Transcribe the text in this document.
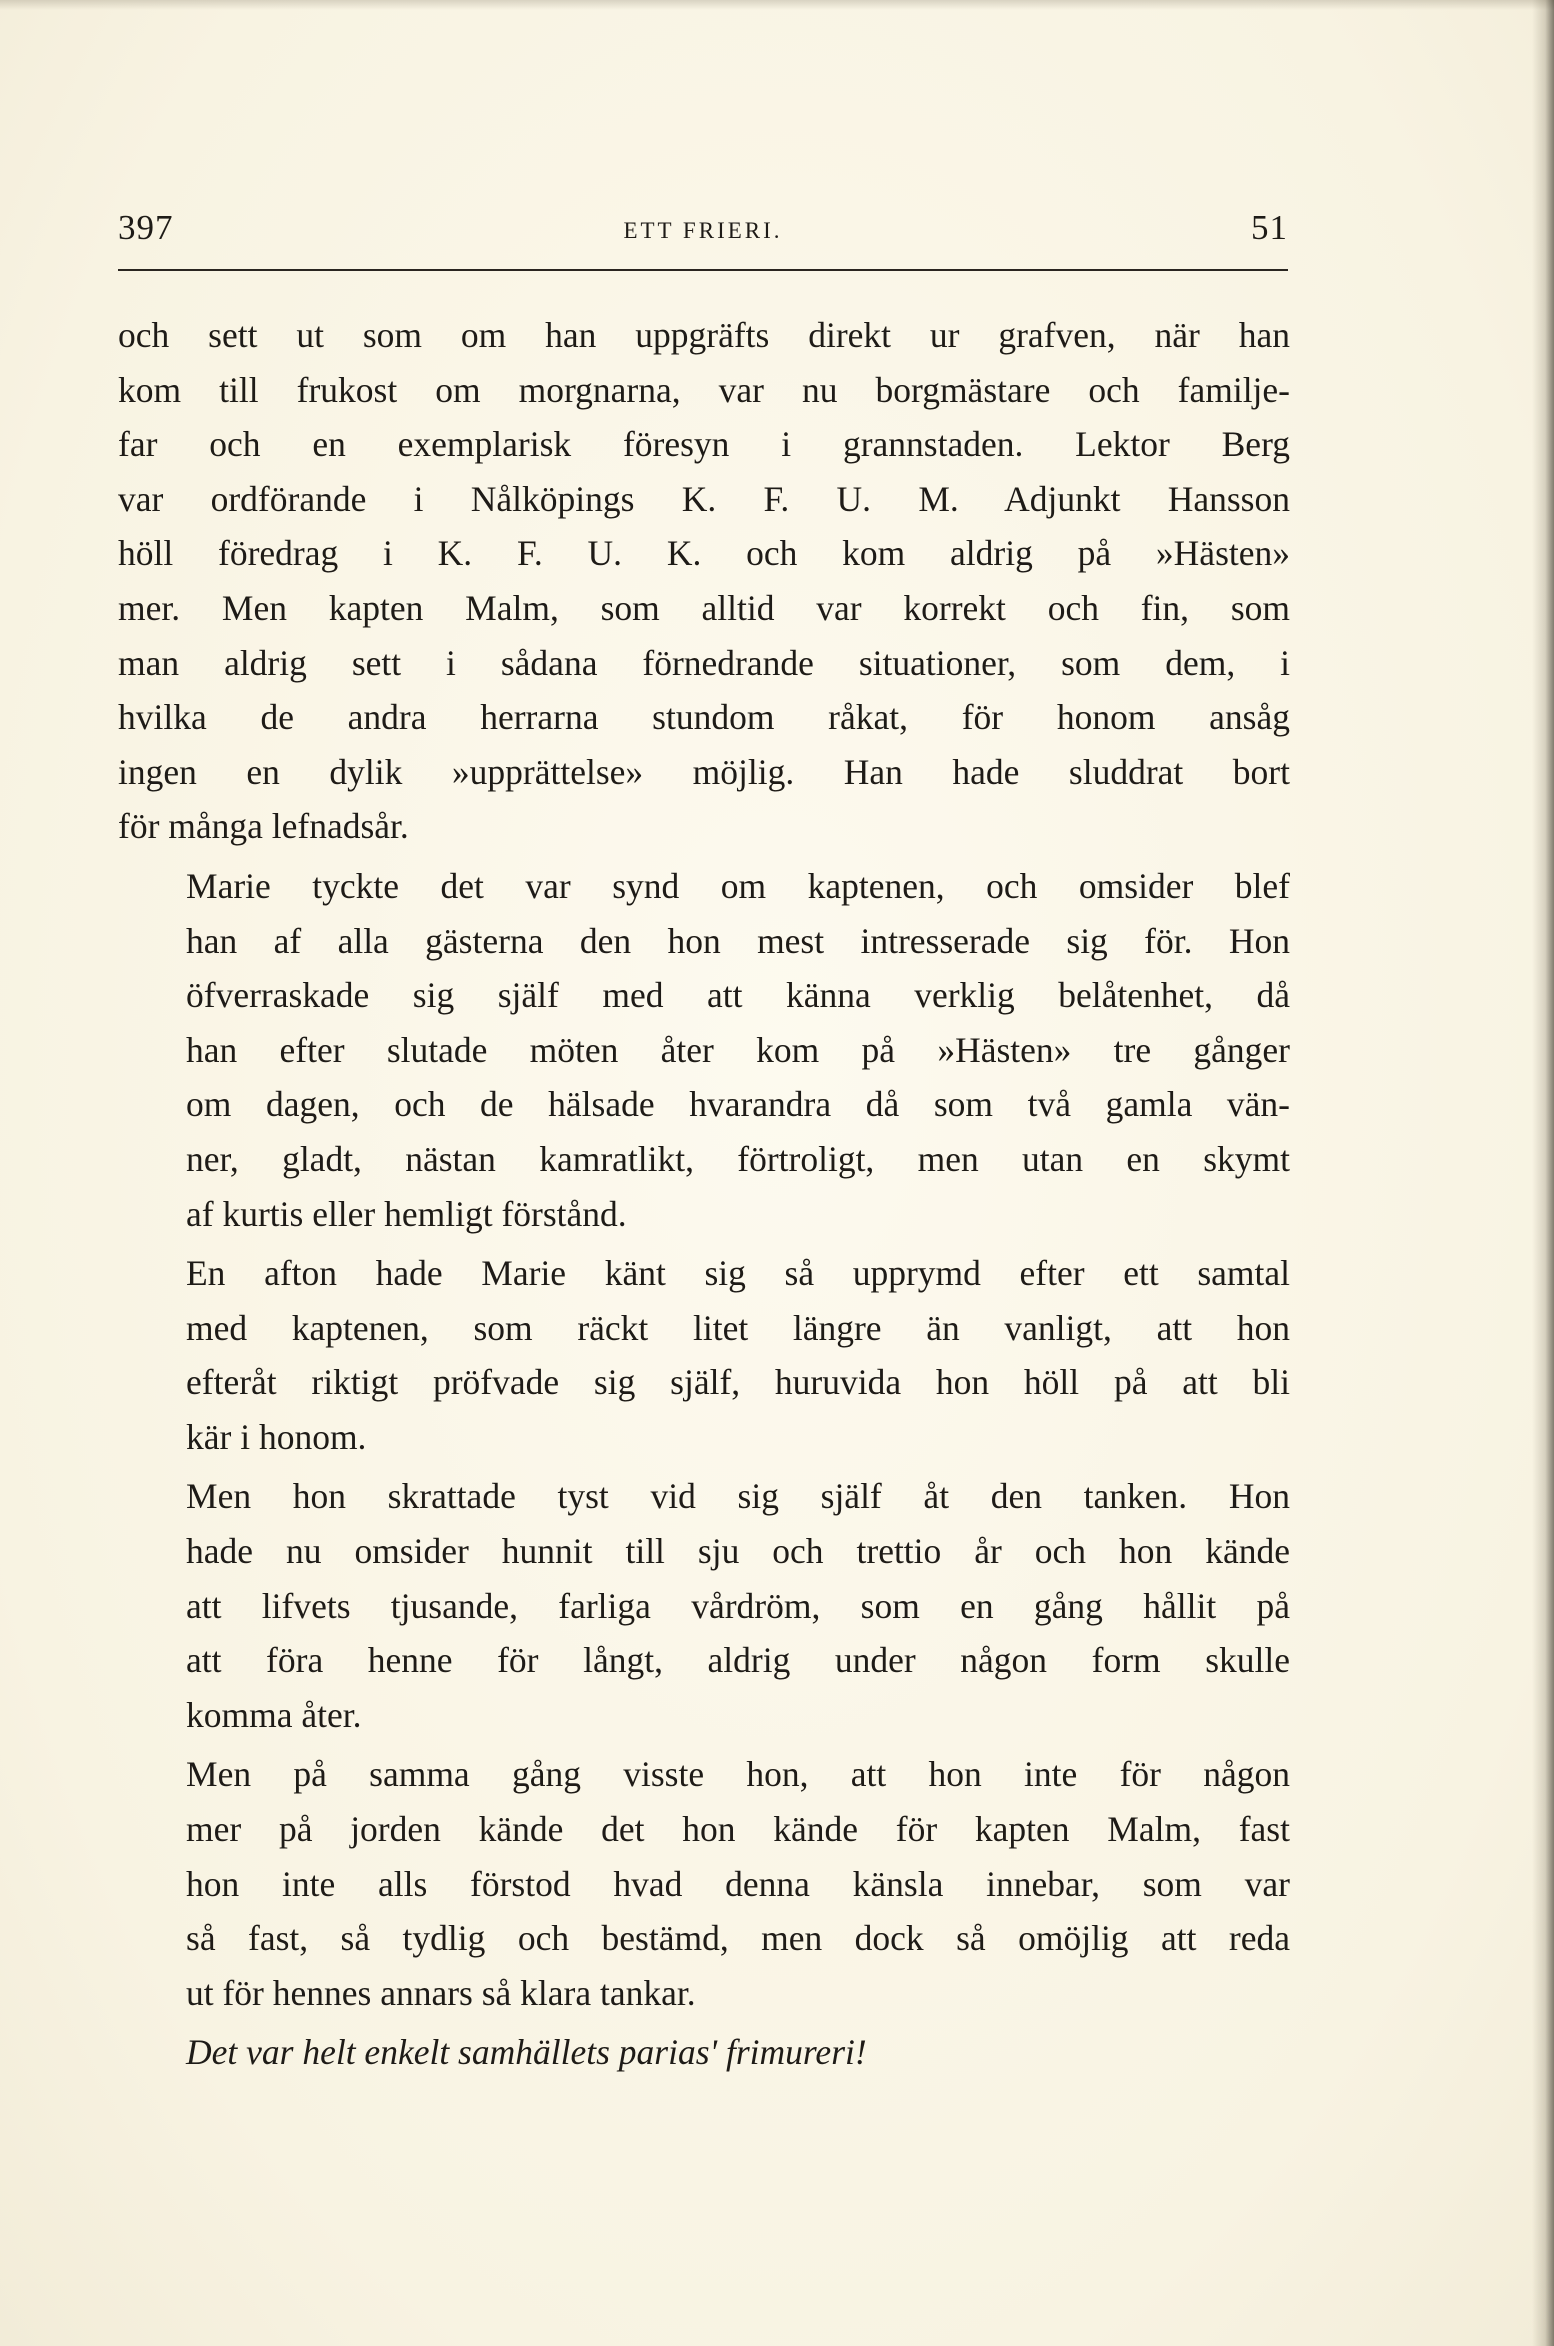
397	ETT FRIERI.	51

och sett ut som om han uppgräfts direkt ur grafven, när han
kom till frukost om morgnarna, var nu borgmästare och familje-
far och en exemplarisk föresyn i grannstaden. Lektor Berg
var ordförande i Nålköpings K. F. U. M. Adjunkt Hansson
höll föredrag i K. F. U. K. och kom aldrig på »Hästen»
mer. Men kapten Malm, som alltid var korrekt och fin, som
man aldrig sett i sådana förnedrande situationer, som dem, i
hvilka de andra herrarna stundom råkat, för honom ansåg
ingen en dylik »upprättelse» möjlig. Han hade sluddrat bort
för många lefnadsår.

Marie tyckte det var synd om kaptenen, och omsider blef
han af alla gästerna den hon mest intresserade sig för. Hon
öfverraskade sig själf med att känna verklig belåtenhet, då
han efter slutade möten åter kom på »Hästen» tre gånger
om dagen, och de hälsade hvarandra då som två gamla vän-
ner, gladt, nästan kamratlikt, förtroligt, men utan en skymt
af kurtis eller hemligt förstånd.

En afton hade Marie känt sig så upprymd efter ett samtal
med kaptenen, som räckt litet längre än vanligt, att hon
efteråt riktigt pröfvade sig själf, huruvida hon höll på att bli
kär i honom.

Men hon skrattade tyst vid sig själf åt den tanken. Hon
hade nu omsider hunnit till sju och trettio år och hon kände
att lifvets tjusande, farliga vårdröm, som en gång hållit på
att föra henne för långt, aldrig under någon form skulle
komma åter.

Men på samma gång visste hon, att hon inte för någon
mer på jorden kände det hon kände för kapten Malm, fast
hon inte alls förstod hvad denna känsla innebar, som var
så fast, så tydlig och bestämd, men dock så omöjlig att reda
ut för hennes annars så klara tankar.

Det var helt enkelt samhällets parias' frimureri!
